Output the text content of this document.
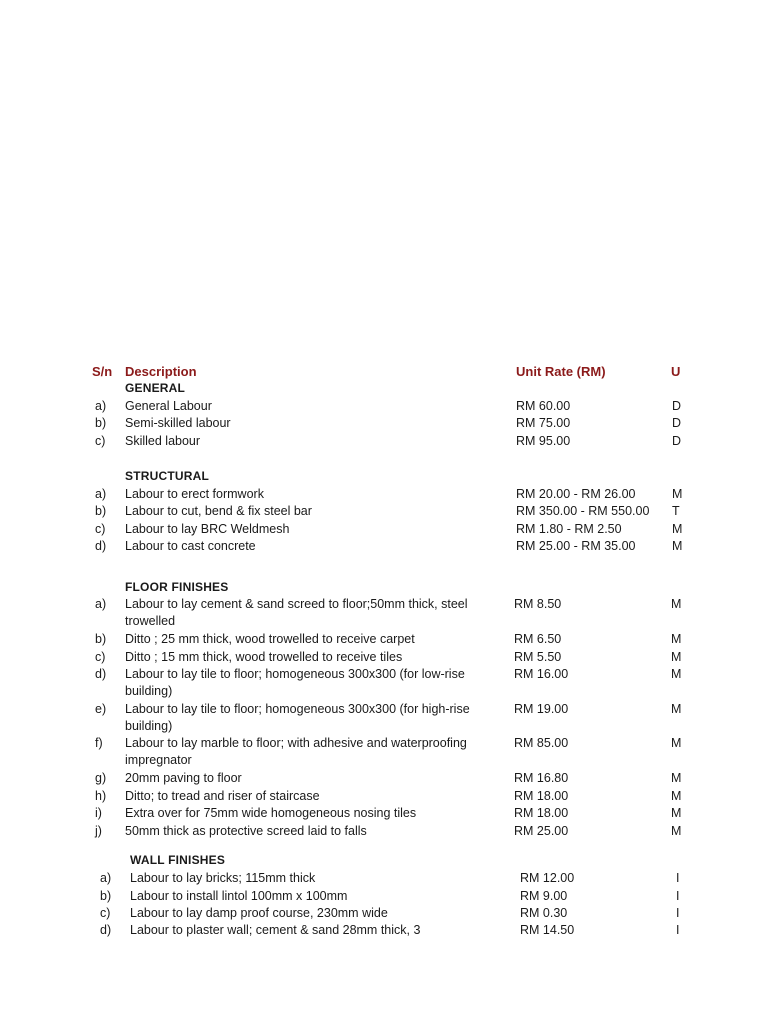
S/n Description	Unit Rate (RM)	U
GENERAL
a) General Labour	RM 60.00	D
b) Semi-skilled labour	RM 75.00	D
c) Skilled labour	RM 95.00	D
STRUCTURAL
a) Labour to erect formwork	RM 20.00 - RM 26.00	M
b) Labour to cut, bend & fix steel bar	RM 350.00 - RM 550.00 T
c) Labour to lay BRC Weldmesh	RM 1.80 - RM 2.50	M
d) Labour to cast concrete	RM 25.00 - RM 35.00	M
FLOOR FINISHES
a) Labour to lay cement & sand screed to floor;50mm thick, steel trowelled
RM 8.50	M
b) Ditto ; 25 mm thick, wood trowelled to receive carpet	RM 6.50	M
c) Ditto ; 15 mm thick, wood trowelled to receive tiles	RM 5.50	M
d) Labour to lay tile to floor; homogeneous 300x300 (for low-rise building)
RM 16.00	M
e) Labour to lay tile to floor; homogeneous 300x300 (for high-rise building)
RM 19.00	M
f) Labour to lay marble to floor; with adhesive and waterproofing impregnator
RM 85.00	M
g) 20mm paving to floor	RM 16.80	M
h) Ditto; to tread and riser of staircase	RM 18.00	M
i) Extra over for 75mm wide homogeneous nosing tiles	RM 18.00	M
j) 50mm thick as protective screed laid to falls	RM 25.00	M
WALL FINISHES
a) Labour to lay bricks; 115mm thick	RM 12.00	I
b) Labour to install lintol 100mm x 100mm	RM 9.00	I
c) Labour to lay damp proof course, 230mm wide	RM 0.30	I
d) Labour to plaster wall; cement & sand 28mm thick, 3	RM 14.50	I
